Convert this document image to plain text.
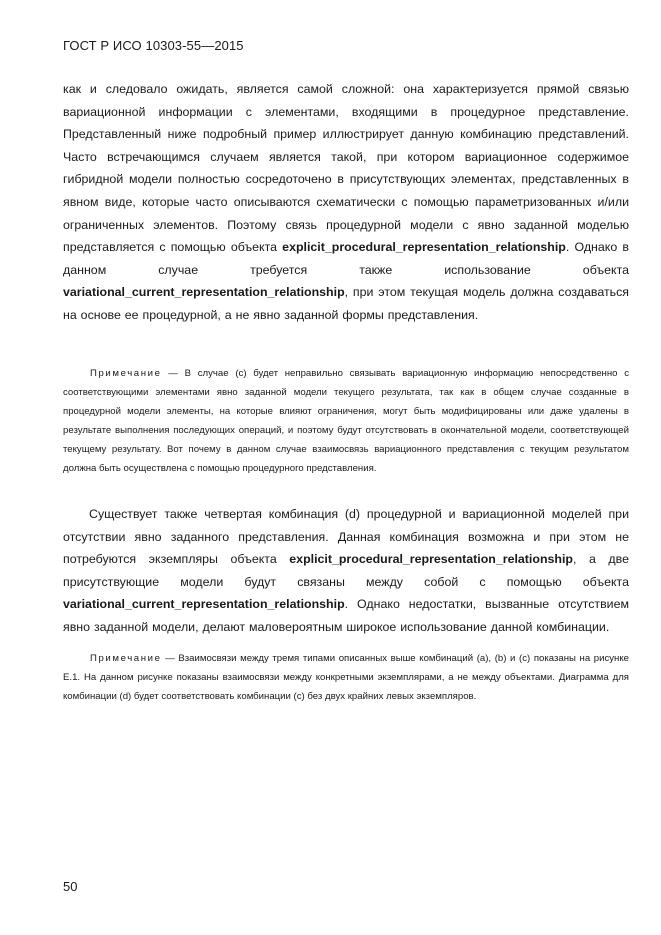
ГОСТ Р ИСО 10303-55—2015

как и следовало ожидать, является самой сложной: она характеризуется прямой связью вариационной информации с элементами, входящими в процедурное представление. Представленный ниже подробный пример иллюстрирует данную комбинацию представлений. Часто встречающимся случаем является такой, при котором вариационное содержимое гибридной модели полностью сосредоточено в присутствующих элементах, представленных в явном виде, которые часто описываются схематически с помощью параметризованных и/или ограниченных элементов. Поэтому связь процедурной модели с явно заданной моделью представляется с помощью объекта explicit_procedural_representation_relationship. Однако в данном случае требуется также использование объекта variational_current_representation_relationship, при этом текущая модель должна создаваться на основе ее процедурной, а не явно заданной формы представления.

Примечание — В случае (с) будет неправильно связывать вариационную информацию непосредственно с соответствующими элементами явно заданной модели текущего результата, так как в общем случае созданные в процедурной модели элементы, на которые влияют ограничения, могут быть модифицированы или даже удалены в результате выполнения последующих операций, и поэтому будут отсутствовать в окончательной модели, соответствующей текущему результату. Вот почему в данном случае взаимосвязь вариационного представления с текущим результатом должна быть осуществлена с помощью процедурного представления.

Существует также четвертая комбинация (d) процедурной и вариационной моделей при отсутствии явно заданного представления. Данная комбинация возможна и при этом не потребуются экземпляры объекта explicit_procedural_representation_relationship, а две присутствующие модели будут связаны между собой с помощью объекта variational_current_representation_relationship. Однако недостатки, вызванные отсутствием явно заданной модели, делают маловероятным широкое использование данной комбинации.

Примечание — Взаимосвязи между тремя типами описанных выше комбинаций (a), (b) и (c) показаны на рисунке Е.1. На данном рисунке показаны взаимосвязи между конкретными экземплярами, а не между объектами. Диаграмма для комбинации (d) будет соответствовать комбинации (с) без двух крайних левых экземпляров.

50
